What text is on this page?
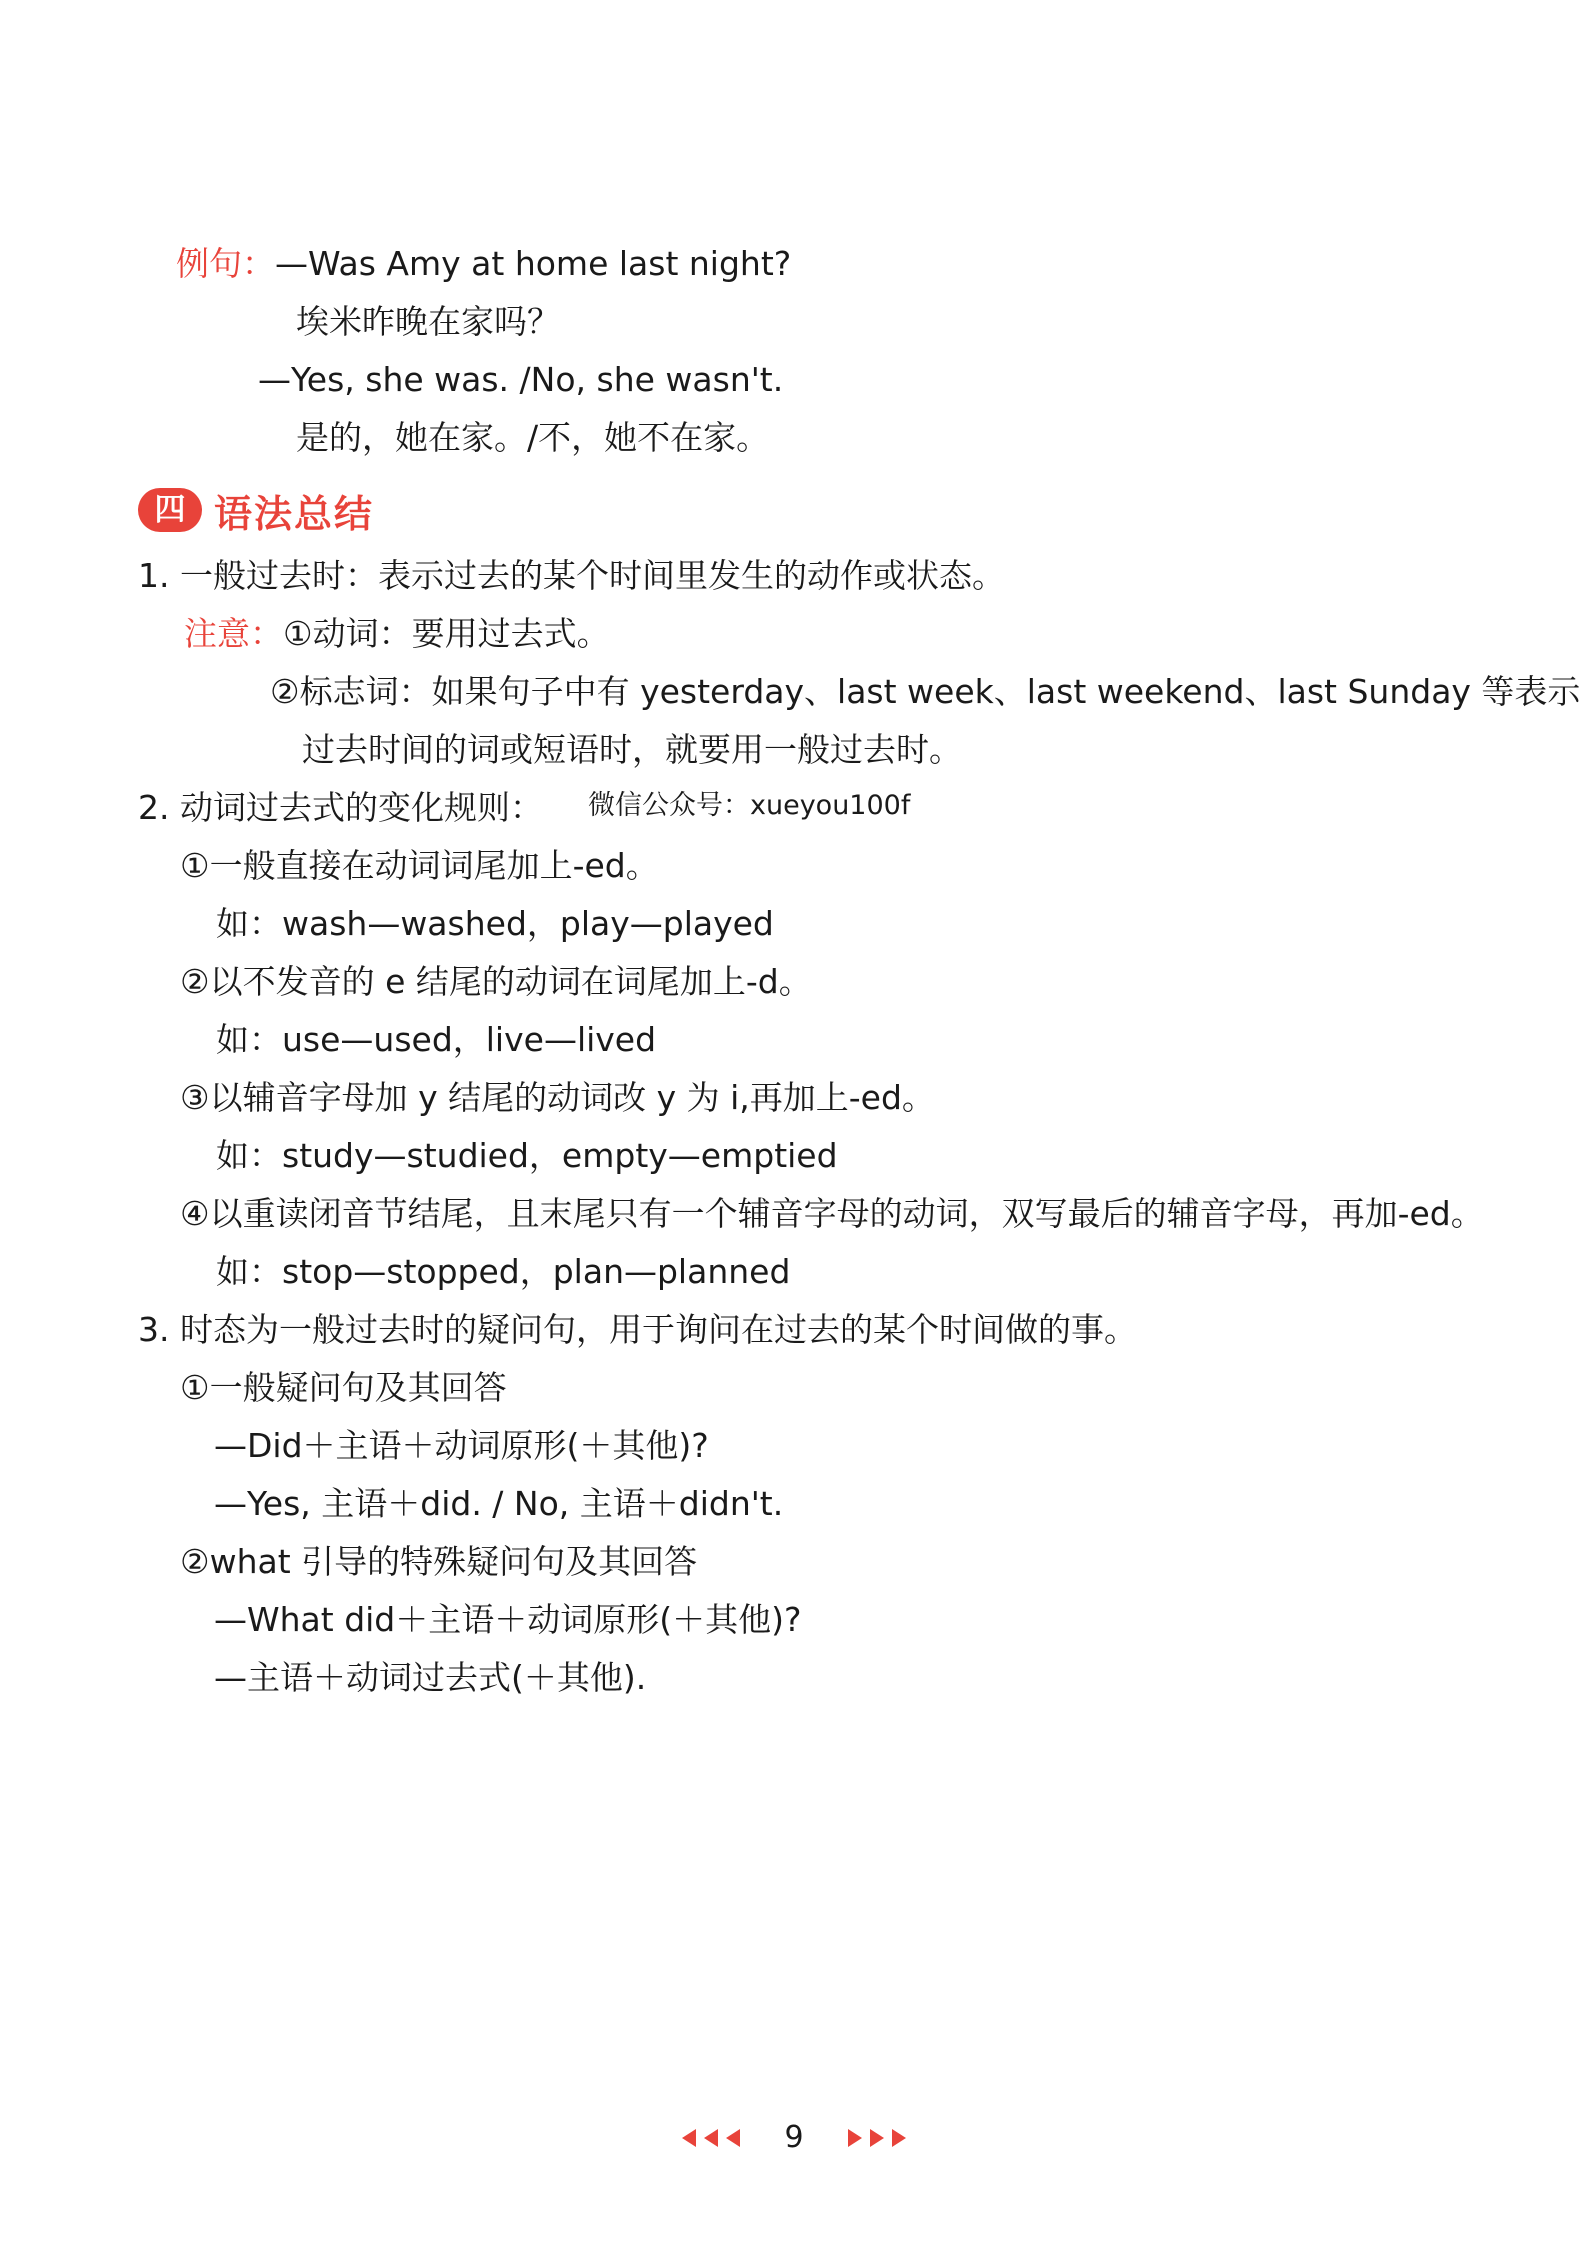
例句：—Was Amy at home last night?
埃米昨晚在家吗？
—Yes, she was. /No, she wasn't.
是的，她在家。/不，她不在家。
四 语法总结
1. 一般过去时：表示过去的某个时间里发生的动作或状态。
注意：①动词：要用过去式。
②标志词：如果句子中有 yesterday、last week、last weekend、last Sunday 等表示
过去时间的词或短语时，就要用一般过去时。
2. 动词过去式的变化规则： 微信公众号：xueyou100f
①一般直接在动词词尾加上-ed。
如：wash—washed，play—played
②以不发音的 e 结尾的动词在词尾加上-d。
如：use—used，live—lived
③以辅音字母加 y 结尾的动词改 y 为 i,再加上-ed。
如：study—studied，empty—emptied
④以重读闭音节结尾，且末尾只有一个辅音字母的动词，双写最后的辅音字母，再加-ed。
如：stop—stopped，plan—planned
3. 时态为一般过去时的疑问句，用于询问在过去的某个时间做的事。
①一般疑问句及其回答
—Did＋主语＋动词原形(＋其他)?
—Yes, 主语＋did. / No, 主语＋didn't.
②what 引导的特殊疑问句及其回答
—What did＋主语＋动词原形(＋其他)?
—主语＋动词过去式(＋其他).
9
